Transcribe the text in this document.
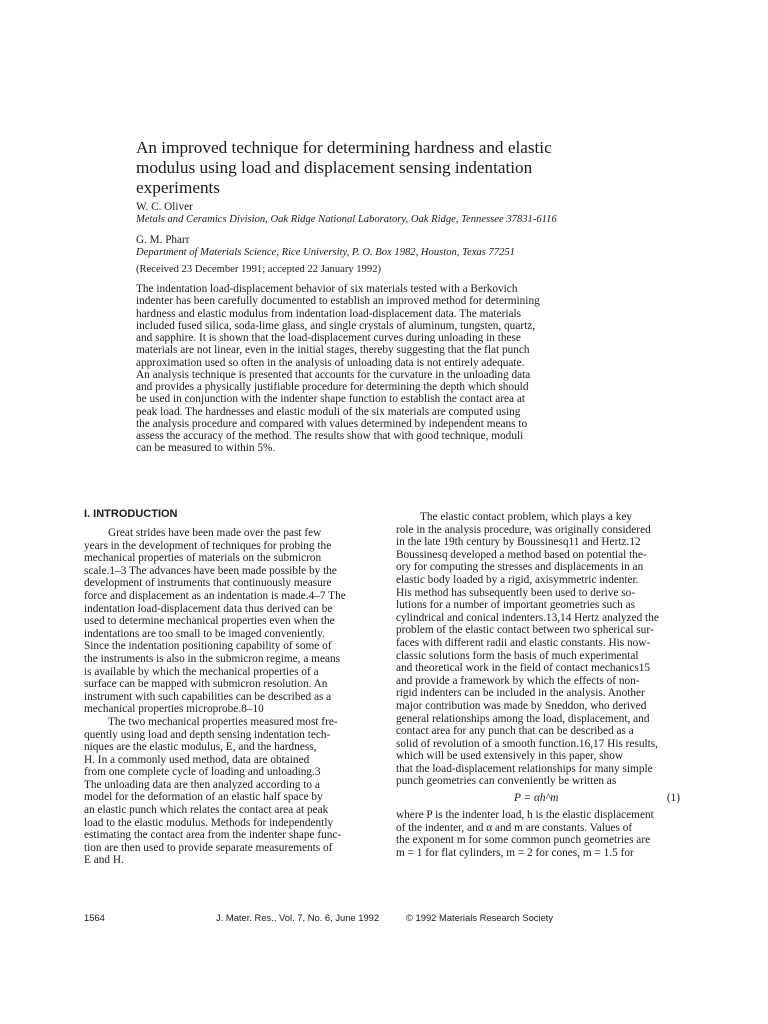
An improved technique for determining hardness and elastic modulus using load and displacement sensing indentation experiments
W. C. Oliver
Metals and Ceramics Division, Oak Ridge National Laboratory, Oak Ridge, Tennessee 37831-6116
G. M. Pharr
Department of Materials Science, Rice University, P. O. Box 1982, Houston, Texas 77251
(Received 23 December 1991; accepted 22 January 1992)
The indentation load-displacement behavior of six materials tested with a Berkovich
indenter has been carefully documented to establish an improved method for determining
hardness and elastic modulus from indentation load-displacement data. The materials
included fused silica, soda-lime glass, and single crystals of aluminum, tungsten, quartz,
and sapphire. It is shown that the load-displacement curves during unloading in these
materials are not linear, even in the initial stages, thereby suggesting that the flat punch
approximation used so often in the analysis of unloading data is not entirely adequate.
An analysis technique is presented that accounts for the curvature in the unloading data
and provides a physically justifiable procedure for determining the depth which should
be used in conjunction with the indenter shape function to establish the contact area at
peak load. The hardnesses and elastic moduli of the six materials are computed using
the analysis procedure and compared with values determined by independent means to
assess the accuracy of the method. The results show that with good technique, moduli
can be measured to within 5%.
I. INTRODUCTION
Great strides have been made over the past few
years in the development of techniques for probing the
mechanical properties of materials on the submicron
scale.1–3 The advances have been made possible by the
development of instruments that continuously measure
force and displacement as an indentation is made.4–7 The
indentation load-displacement data thus derived can be
used to determine mechanical properties even when the
indentations are too small to be imaged conveniently.
Since the indentation positioning capability of some of
the instruments is also in the submicron regime, a means
is available by which the mechanical properties of a
surface can be mapped with submicron resolution. An
instrument with such capabilities can be described as a
mechanical properties microprobe.8–10
The two mechanical properties measured most fre-
quently using load and depth sensing indentation tech-
niques are the elastic modulus, E, and the hardness,
H. In a commonly used method, data are obtained
from one complete cycle of loading and unloading.3
The unloading data are then analyzed according to a
model for the deformation of an elastic half space by
an elastic punch which relates the contact area at peak
load to the elastic modulus. Methods for independently
estimating the contact area from the indenter shape func-
tion are then used to provide separate measurements of
E and H.
The elastic contact problem, which plays a key
role in the analysis procedure, was originally considered
in the late 19th century by Boussinesq11 and Hertz.12
Boussinesq developed a method based on potential the-
ory for computing the stresses and displacements in an
elastic body loaded by a rigid, axisymmetric indenter.
His method has subsequently been used to derive so-
lutions for a number of important geometries such as
cylindrical and conical indenters.13,14 Hertz analyzed the
problem of the elastic contact between two spherical sur-
faces with different radii and elastic constants. His now-
classic solutions form the basis of much experimental
and theoretical work in the field of contact mechanics15
and provide a framework by which the effects of non-
rigid indenters can be included in the analysis. Another
major contribution was made by Sneddon, who derived
general relationships among the load, displacement, and
contact area for any punch that can be described as a
solid of revolution of a smooth function.16,17 His results,
which will be used extensively in this paper, show
that the load-displacement relationships for many simple
punch geometries can conveniently be written as
P = αh^m	(1)
where P is the indenter load, h is the elastic displacement
of the indenter, and α and m are constants. Values of
the exponent m for some common punch geometries are
m = 1 for flat cylinders, m = 2 for cones, m = 1.5 for
1564	J. Mater. Res., Vol. 7, No. 6, June 1992	© 1992 Materials Research Society
